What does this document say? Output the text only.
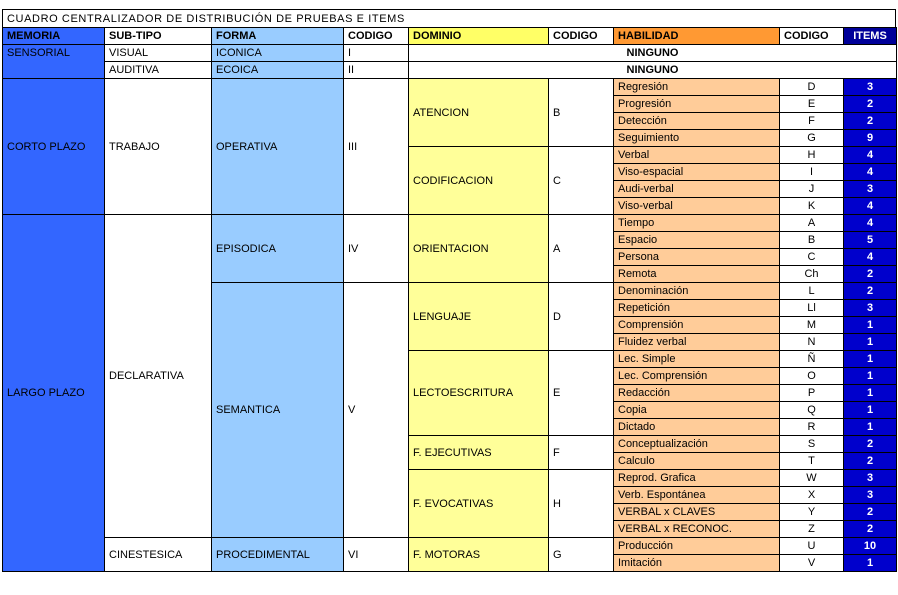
CUADRO CENTRALIZADOR DE DISTRIBUCIÓN DE PRUEBAS E ITEMS
MEMORIA	SUB-TIPO	FORMA	CODIGO	DOMINIO	CODIGO	HABILIDAD	CODIGO	ITEMS
SENSORIAL	VISUAL	ICONICA	I	NINGUNO				
	AUDITIVA	ECOICA	II	NINGUNO				
CORTO PLAZO	TRABAJO	OPERATIVA	III	ATENCION	B	Regresión	D	3
						Progresión	E	2
						Detección	F	2
						Seguimiento	G	9
				CODIFICACION	C	Verbal	H	4
						Viso-espacial	I	4
						Audi-verbal	J	3
						Viso-verbal	K	4
LARGO PLAZO	DECLARATIVA	EPISODICA	IV	ORIENTACION	A	Tiempo	A	4
						Espacio	B	5
						Persona	C	4
						Remota	Ch	2
		SEMANTICA	V	LENGUAJE	D	Denominación	L	2
						Repetición	Ll	3
						Comprensión	M	1
						Fluidez verbal	N	1
				LECTOESCRITURA	E	Lec. Simple	Ñ	1
						Lec. Comprensión	O	1
						Redacción	P	1
						Copia	Q	1
						Dictado	R	1
				F. EJECUTIVAS	F	Conceptualización	S	2
						Calculo	T	2
				F. EVOCATIVAS	H	Reprod. Grafica	W	3
						Verb. Espontánea	X	3
						VERBAL x CLAVES	Y	2
						VERBAL x RECONOC.	Z	2
	CINESTESICA	PROCEDIMENTAL	VI	F. MOTORAS	G	Producción	U	10
						Imitación	V	1
